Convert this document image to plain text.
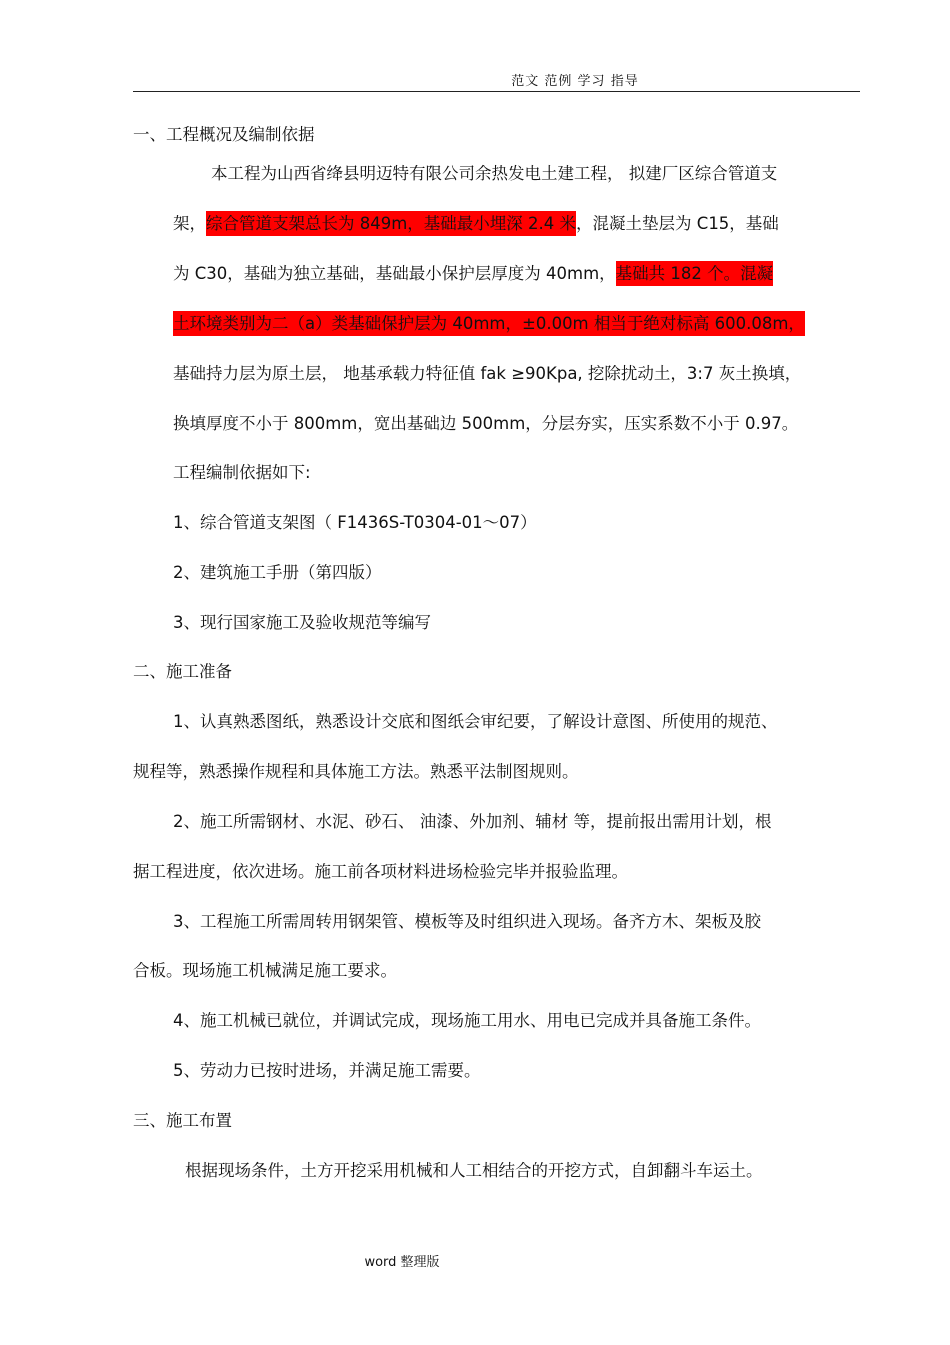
范文 范例 学习 指导
一、工程概况及编制依据
本工程为山西省绛县明迈特有限公司余热发电土建工程， 拟建厂区综合管道支
架，综合管道支架总长为 849m，基础最小埋深 2.4 米，混凝土垫层为 C15，基础
为 C30，基础为独立基础，基础最小保护层厚度为 40mm，基础共 182 个。混凝
土环境类别为二（a）类基础保护层为 40mm，±0.00m 相当于绝对标高 600.08m，
基础持力层为原土层， 地基承载力特征值 fak ≥90Kpa, 挖除扰动土，3:7 灰土换填，
换填厚度不小于 800mm，宽出基础边 500mm，分层夯实，压实系数不小于 0.97。
工程编制依据如下:
1、综合管道支架图（ F1436S-T0304-01～07）
2、建筑施工手册（第四版）
3、现行国家施工及验收规范等编写
二、施工准备
1、认真熟悉图纸，熟悉设计交底和图纸会审纪要，了解设计意图、所使用的规范、
规程等，熟悉操作规程和具体施工方法。熟悉平法制图规则。
2、施工所需钢材、水泥、砂石、 油漆、外加剂、辅材 等，提前报出需用计划，根
据工程进度，依次进场。施工前各项材料进场检验完毕并报验监理。
3、工程施工所需周转用钢架管、模板等及时组织进入现场。备齐方木、架板及胶
合板。现场施工机械满足施工要求。
4、施工机械已就位，并调试完成，现场施工用水、用电已完成并具备施工条件。
5、劳动力已按时进场，并满足施工需要。
三、施工布置
根据现场条件，土方开挖采用机械和人工相结合的开挖方式，自卸翻斗车运土。
word 整理版
